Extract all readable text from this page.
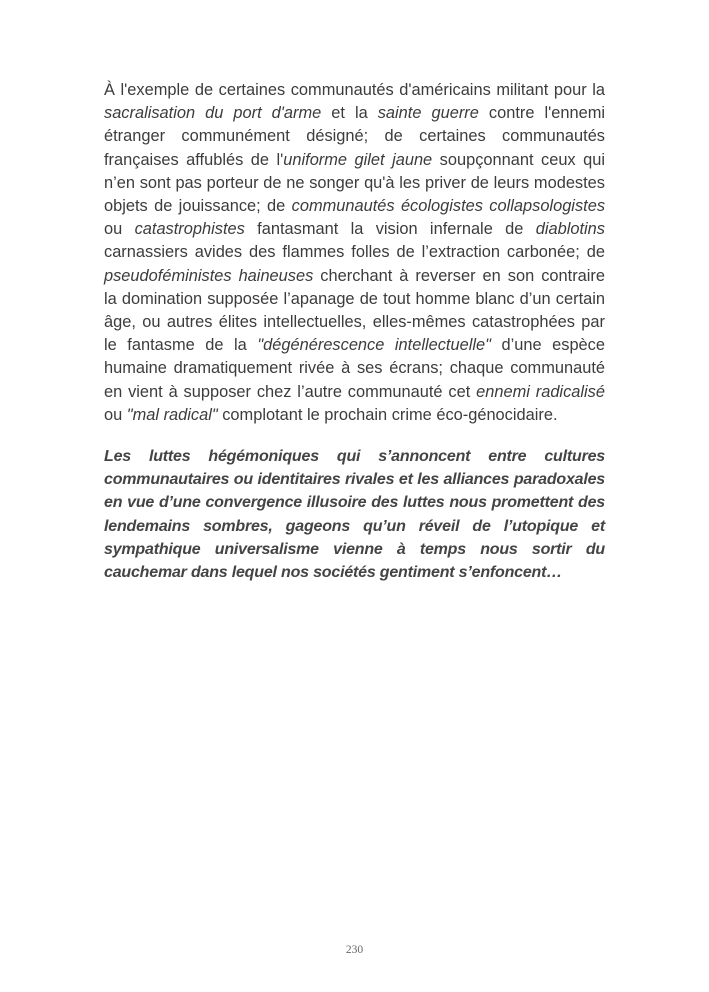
À l'exemple de certaines communautés d'américains militant pour la sacralisation du port d'arme et la sainte guerre contre l'ennemi étranger communément désigné; de certaines communautés françaises affublés de l'uniforme gilet jaune soupçonnant ceux qui n’en sont pas porteur de ne songer qu'à les priver de leurs modestes objets de jouissance; de communautés écologistes collapsologistes ou catastrophistes fantasmant la vision infernale de diablotins carnassiers avides des flammes folles de l’extraction carbonée; de pseudoféministes haineuses cherchant à reverser en son contraire la domination supposée l’apanage de tout homme blanc d’un certain âge, ou autres élites intellectuelles, elles-mêmes catastrophées par le fantasme de la "dégénérescence intellectuelle" d’une espèce humaine dramatiquement rivée à ses écrans; chaque communauté en vient à supposer chez l’autre communauté cet ennemi radicalisé ou "mal radical" complotant le prochain crime éco-génocidaire.

Les luttes hégémoniques qui s’annoncent entre cultures communautaires ou identitaires rivales et les alliances paradoxales en vue d’une convergence illusoire des luttes nous promettent des lendemains sombres, gageons qu’un réveil de l’utopique et sympathique universalisme vienne à temps nous sortir du cauchemar dans lequel nos sociétés gentiment s’enfoncent…

230
